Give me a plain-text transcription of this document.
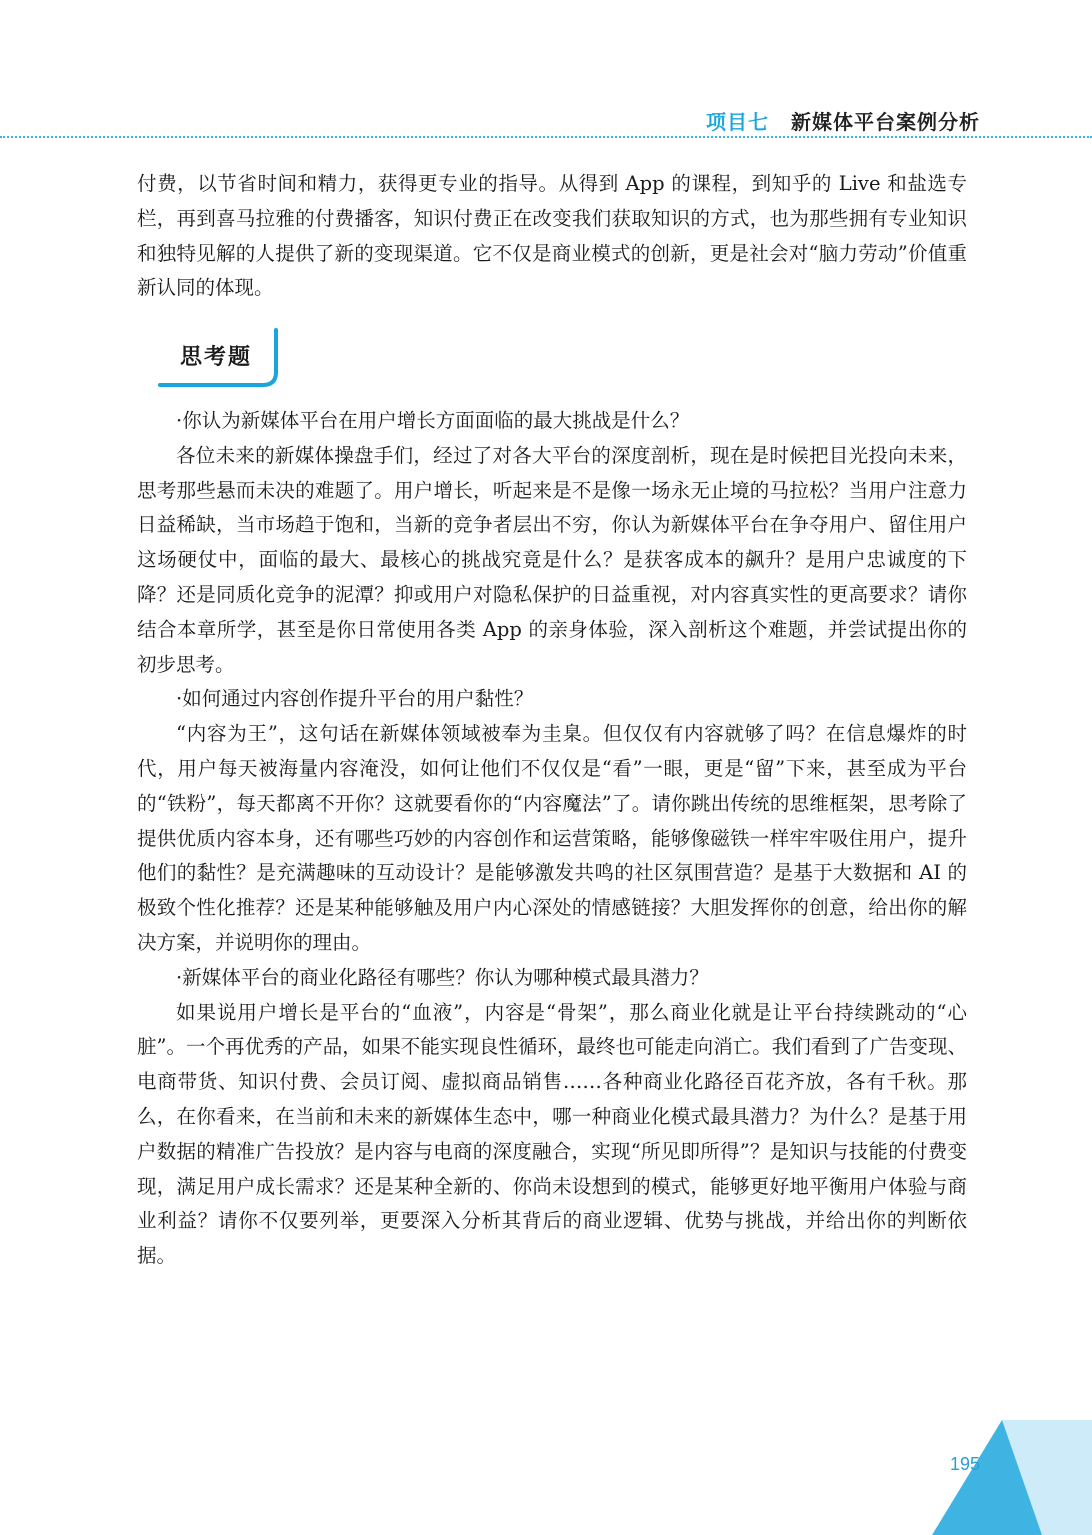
项目七 新媒体平台案例分析

付费，以节省时间和精力，获得更专业的指导。从得到 App 的课程，到知乎的 Live 和盐选专栏，再到喜马拉雅的付费播客，知识付费正在改变我们获取知识的方式，也为那些拥有专业知识和独特见解的人提供了新的变现渠道。它不仅是商业模式的创新，更是社会对“脑力劳动”价值重新认同的体现。

思考题

·你认为新媒体平台在用户增长方面面临的最大挑战是什么？

各位未来的新媒体操盘手们，经过了对各大平台的深度剖析，现在是时候把目光投向未来，思考那些悬而未决的难题了。用户增长，听起来是不是像一场永无止境的马拉松？当用户注意力日益稀缺，当市场趋于饱和，当新的竞争者层出不穷，你认为新媒体平台在争夺用户、留住用户这场硬仗中，面临的最大、最核心的挑战究竟是什么？是获客成本的飙升？是用户忠诚度的下降？还是同质化竞争的泥潭？抑或用户对隐私保护的日益重视，对内容真实性的更高要求？请你结合本章所学，甚至是你日常使用各类 App 的亲身体验，深入剖析这个难题，并尝试提出你的初步思考。

·如何通过内容创作提升平台的用户黏性？

“内容为王”，这句话在新媒体领域被奉为圭臬。但仅仅有内容就够了吗？在信息爆炸的时代，用户每天被海量内容淹没，如何让他们不仅仅是“看”一眼，更是“留”下来，甚至成为平台的“铁粉”，每天都离不开你？这就要看你的“内容魔法”了。请你跳出传统的思维框架，思考除了提供优质内容本身，还有哪些巧妙的内容创作和运营策略，能够像磁铁一样牢牢吸住用户，提升他们的黏性？是充满趣味的互动设计？是能够激发共鸣的社区氛围营造？是基于大数据和 AI 的极致个性化推荐？还是某种能够触及用户内心深处的情感链接？大胆发挥你的创意，给出你的解决方案，并说明你的理由。

·新媒体平台的商业化路径有哪些？你认为哪种模式最具潜力？

如果说用户增长是平台的“血液”，内容是“骨架”，那么商业化就是让平台持续跳动的“心脏”。一个再优秀的产品，如果不能实现良性循环，最终也可能走向消亡。我们看到了广告变现、电商带货、知识付费、会员订阅、虚拟商品销售……各种商业化路径百花齐放，各有千秋。那么，在你看来，在当前和未来的新媒体生态中，哪一种商业化模式最具潜力？为什么？是基于用户数据的精准广告投放？是内容与电商的深度融合，实现“所见即所得”？是知识与技能的付费变现，满足用户成长需求？还是某种全新的、你尚未设想到的模式，能够更好地平衡用户体验与商业利益？请你不仅要列举，更要深入分析其背后的商业逻辑、优势与挑战，并给出你的判断依据。

195
